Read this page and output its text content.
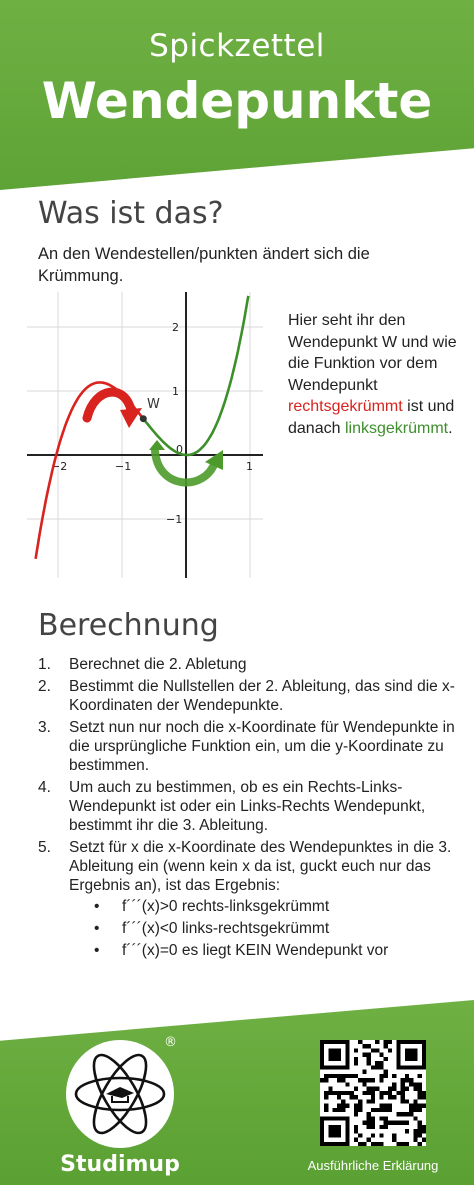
Spickzettel
Wendepunkte
Was ist das?
An den Wendestellen/punkten ändert sich die Krümmung.
−2	−1	1
0
2
1
−1
W
Hier seht ihr den Wendepunkt W und wie die Funktion vor dem Wendepunkt rechtsgekrümmt ist und danach linksgekrümmt.
Berechnung
1. Berechnet die 2. Abletung
2. Bestimmt die Nullstellen der 2. Ableitung, das sind die x-Koordinaten der Wendepunkte.
3. Setzt nun nur noch die x-Koordinate für Wendepunkte in die ursprüngliche Funktion ein, um die y-Koordinate zu bestimmen.
4. Um auch zu bestimmen, ob es ein Rechts-Links-Wendepunkt ist oder ein Links-Rechts Wendepunkt, bestimmt ihr die 3. Ableitung.
5. Setzt für x die x-Koordinate des Wendepunktes in die 3. Ableitung ein (wenn kein x da ist, guckt euch nur das Ergebnis an), ist das Ergebnis:
• f´´´(x)>0 rechts-linksgekrümmt
• f´´´(x)<0 links-rechtsgekrümmt
• f´´´(x)=0 es liegt KEIN Wendepunkt vor
®
Studimup	Ausführliche Erklärung
